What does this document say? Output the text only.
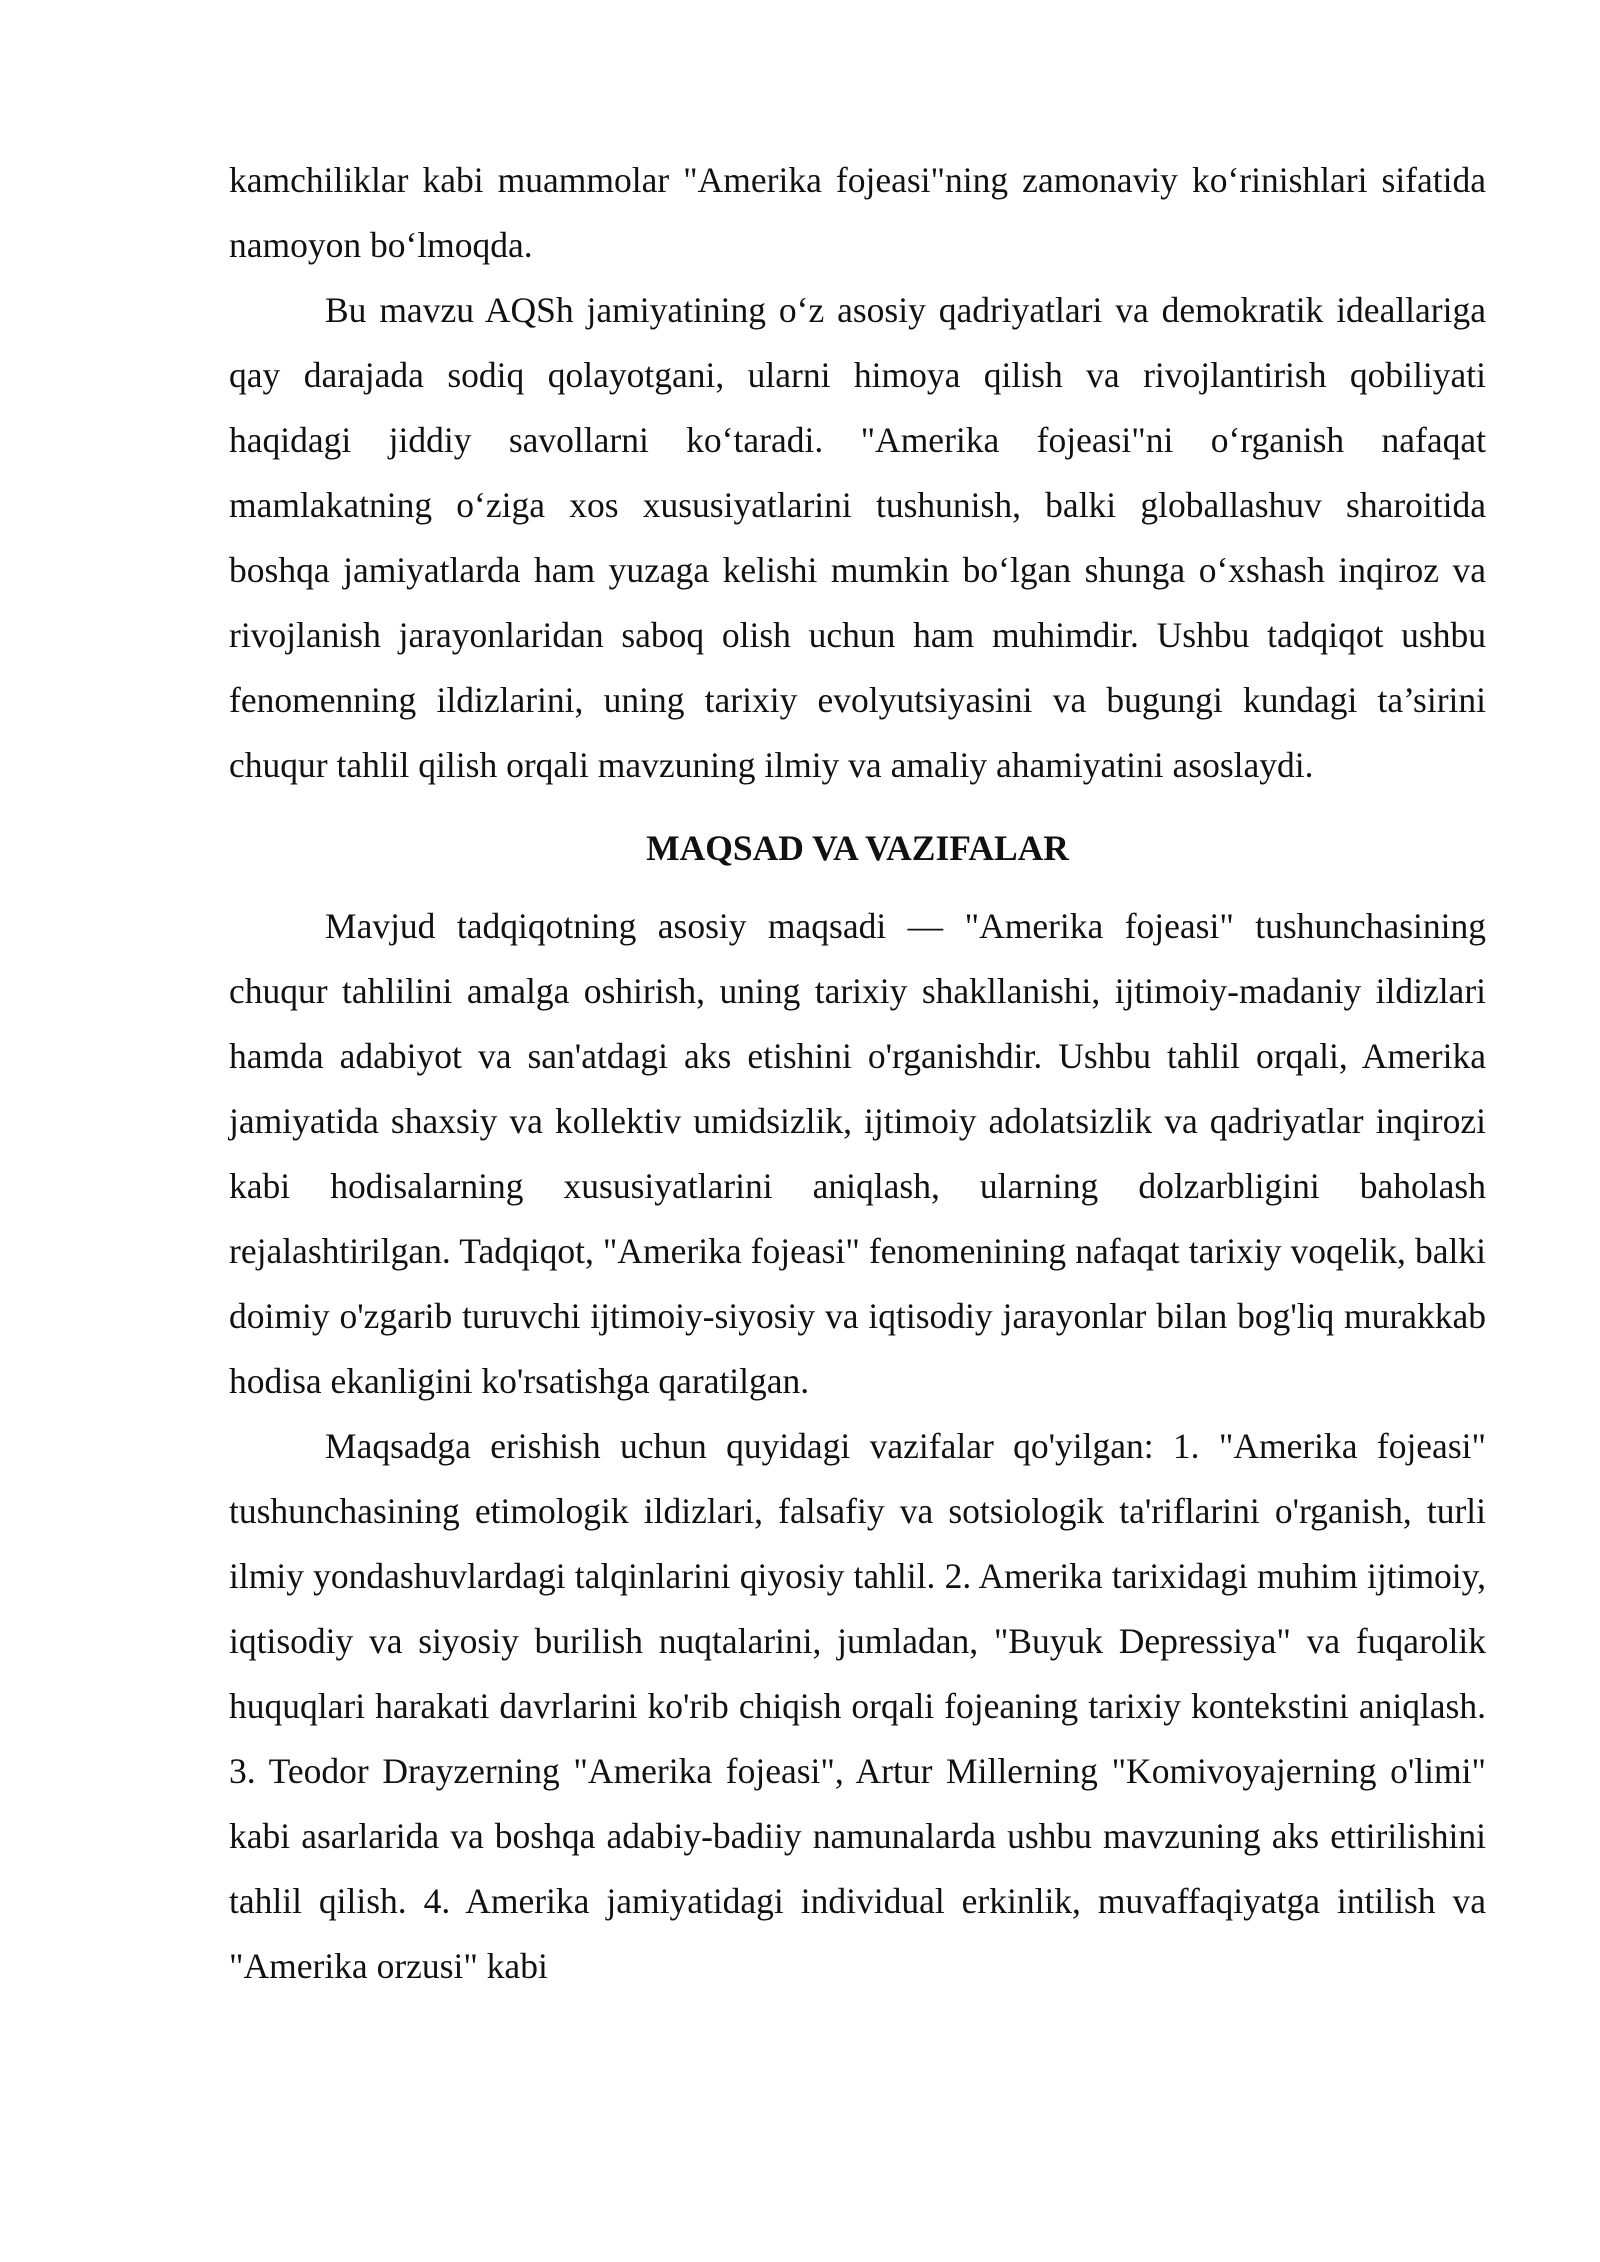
kamchiliklar kabi muammolar "Amerika fojeasi"ning zamonaviy ko‘rinishlari sifatida namoyon bo‘lmoqda.

Bu mavzu AQSh jamiyatining o‘z asosiy qadriyatlari va demokratik ideallariga qay darajada sodiq qolayotgani, ularni himoya qilish va rivojlantirish qobiliyati haqidagi jiddiy savollarni ko‘taradi. "Amerika fojeasi"ni o‘rganish nafaqat mamlakatning o‘ziga xos xususiyatlarini tushunish, balki globallashuv sharoitida boshqa jamiyatlarda ham yuzaga kelishi mumkin bo‘lgan shunga o‘xshash inqiroz va rivojlanish jarayonlaridan saboq olish uchun ham muhimdir. Ushbu tadqiqot ushbu fenomenning ildizlarini, uning tarixiy evolyutsiyasini va bugungi kundagi ta’sirini chuqur tahlil qilish orqali mavzuning ilmiy va amaliy ahamiyatini asoslaydi.

MAQSAD VA VAZIFALAR

Mavjud tadqiqotning asosiy maqsadi — "Amerika fojeasi" tushunchasining chuqur tahlilini amalga oshirish, uning tarixiy shakllanishi, ijtimoiy-madaniy ildizlari hamda adabiyot va san'atdagi aks etishini o'rganishdir. Ushbu tahlil orqali, Amerika jamiyatida shaxsiy va kollektiv umidsizlik, ijtimoiy adolatsizlik va qadriyatlar inqirozi kabi hodisalarning xususiyatlarini aniqlash, ularning dolzarbligini baholash rejalashtirilgan. Tadqiqot, "Amerika fojeasi" fenomenining nafaqat tarixiy voqelik, balki doimiy o'zgarib turuvchi ijtimoiy-siyosiy va iqtisodiy jarayonlar bilan bog'liq murakkab hodisa ekanligini ko'rsatishga qaratilgan.

Maqsadga erishish uchun quyidagi vazifalar qo'yilgan: 1. "Amerika fojeasi" tushunchasining etimologik ildizlari, falsafiy va sotsiologik ta'riflarini o'rganish, turli ilmiy yondashuvlardagi talqinlarini qiyosiy tahlil. 2. Amerika tarixidagi muhim ijtimoiy, iqtisodiy va siyosiy burilish nuqtalarini, jumladan, "Buyuk Depressiya" va fuqarolik huquqlari harakati davrlarini ko'rib chiqish orqali fojeaning tarixiy kontekstini aniqlash. 3. Teodor Drayzerning "Amerika fojeasi", Artur Millerning "Komivoyajerning o'limi" kabi asarlarida va boshqa adabiy-badiiy namunalarda ushbu mavzuning aks ettirilishini tahlil qilish. 4. Amerika jamiyatidagi individual erkinlik, muvaffaqiyatga intilish va "Amerika orzusi" kabi
